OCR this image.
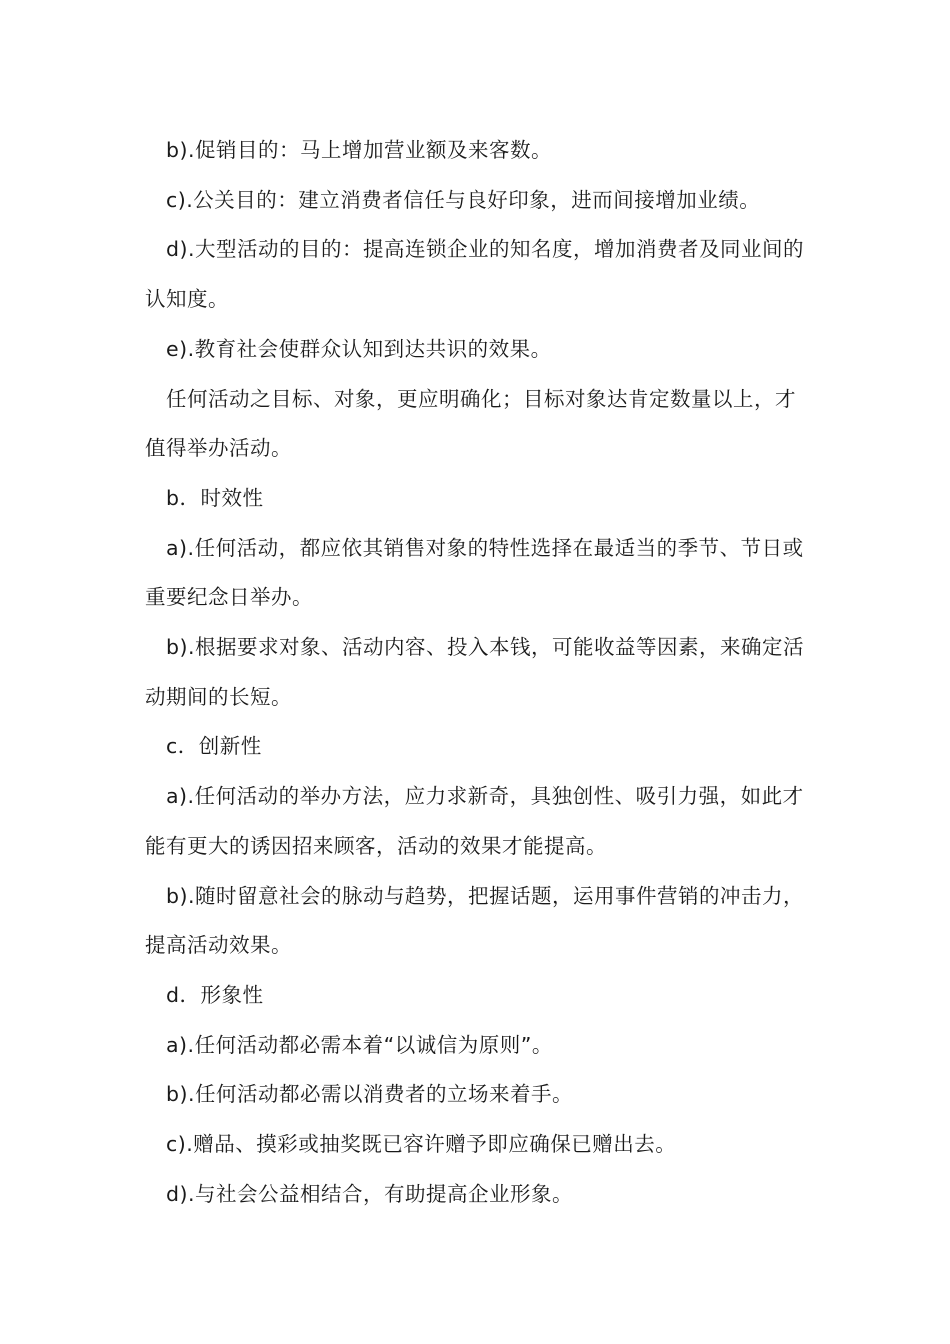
b).促销目的：马上增加营业额及来客数。

c).公关目的：建立消费者信任与良好印象，进而间接增加业绩。

d).大型活动的目的：提高连锁企业的知名度，增加消费者及同业间的认知度。

e).教育社会使群众认知到达共识的效果。

任何活动之目标、对象，更应明确化；目标对象达肯定数量以上，才值得举办活动。

b．时效性

a).任何活动，都应依其销售对象的特性选择在最适当的季节、节日或重要纪念日举办。

b).根据要求对象、活动内容、投入本钱，可能收益等因素，来确定活动期间的长短。

c．创新性

a).任何活动的举办方法，应力求新奇，具独创性、吸引力强，如此才能有更大的诱因招来顾客，活动的效果才能提高。

b).随时留意社会的脉动与趋势，把握话题，运用事件营销的冲击力，提高活动效果。

d．形象性

a).任何活动都必需本着“以诚信为原则”。

b).任何活动都必需以消费者的立场来着手。

c).赠品、摸彩或抽奖既已容许赠予即应确保已赠出去。

d).与社会公益相结合，有助提高企业形象。
